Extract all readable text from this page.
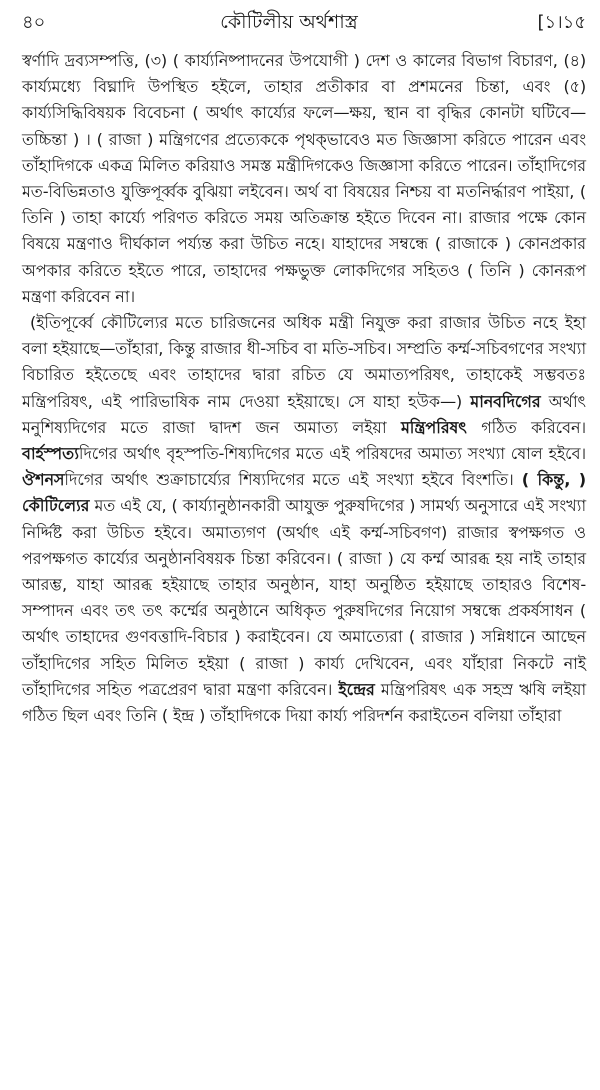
৪০	কৌটিলীয় অর্থশাস্ত্র	[১।১৫

স্বর্ণাদি দ্রব্যসম্পত্তি, (৩) ( কার্য্যনিষ্পাদনের উপযোগী ) দেশ ও কালের বিভাগ বিচারণ, (৪) কার্য্যমধ্যে বিঘ্নাদি উপস্থিত হইলে, তাহার প্রতীকার বা প্রশমনের চিন্তা, এবং (৫) কার্য্যসিদ্ধিবিষয়ক বিবেচনা ( অর্থাৎ কার্য্যের ফলে—ক্ষয়, স্থান বা বৃদ্ধির কোনটা ঘটিবে—তচ্চিন্তা ) । ( রাজা ) মন্ত্রিগণের প্রত্যেককে পৃথক্‌ভাবেও মত জিজ্ঞাসা করিতে পারেন এবং তাঁহাদিগকে একত্র মিলিত করিয়াও সমস্ত মন্ত্রীদিগকেও জিজ্ঞাসা করিতে পারেন। তাঁহাদিগের মত-বিভিন্নতাও যুক্তিপূর্ব্বক বুঝিয়া লইবেন। অর্থ বা বিষয়ের নিশ্চয় বা মতনির্দ্ধারণ পাইয়া, ( তিনি ) তাহা কার্য্যে পরিণত করিতে সময় অতিক্রান্ত হইতে দিবেন না। রাজার পক্ষে কোন বিষয়ে মন্ত্রণাও দীর্ঘকাল পর্য্যন্ত করা উচিত নহে। যাহাদের সম্বন্ধে ( রাজাকে ) কোনপ্রকার অপকার করিতে হইতে পারে, তাহাদের পক্ষভুক্ত লোকদিগের সহিতও ( তিনি ) কোনরূপ মন্ত্রণা করিবেন না।

(ইতিপূর্ব্বে কৌটিল্যের মতে চারিজনের অধিক মন্ত্রী নিযুক্ত করা রাজার উচিত নহে ইহা বলা হইয়াছে—তাঁহারা, কিন্তু রাজার ধী-সচিব বা মতি-সচিব। সম্প্রতি কর্ম্ম-সচিবগণের সংখ্যা বিচারিত হইতেছে এবং তাহাদের দ্বারা রচিত যে অমাত্যপরিষৎ, তাহাকেই সম্ভবতঃ মন্ত্রিপরিষৎ, এই পারিভাষিক নাম দেওয়া হইয়াছে। সে যাহা হউক—) মানবদিগের অর্থাৎ মনুশিষ্যদিগের মতে রাজা দ্বাদশ জন অমাত্য লইয়া মন্ত্রিপরিষৎ গঠিত করিবেন। বার্হস্পত্যদিগের অর্থাৎ বৃহস্পতি-শিষ্যদিগের মতে এই পরিষদের অমাত্য সংখ্যা ষোল হইবে। ঔশনসদিগের অর্থাৎ শুক্রাচার্য্যের শিষ্যদিগের মতে এই সংখ্যা হইবে বিংশতি। ( কিন্তু, ) কৌটিল্যের মত এই যে, ( কার্য্যানুষ্ঠানকারী আযুক্ত পুরুষদিগের ) সামর্থ্য অনুসারে এই সংখ্যা নির্দ্দিষ্ট করা উচিত হইবে। অমাত্যগণ (অর্থাৎ এই কর্ম্ম-সচিবগণ) রাজার স্বপক্ষগত ও পরপক্ষগত কার্য্যের অনুষ্ঠানবিষয়ক চিন্তা করিবেন। ( রাজা ) যে কর্ম্ম আরব্ধ হয় নাই তাহার আরম্ভ, যাহা আরব্ধ হইয়াছে তাহার অনুষ্ঠান, যাহা অনুষ্ঠিত হইয়াছে তাহারও বিশেষ-সম্পাদন এবং তৎ তৎ কর্ম্মের অনুষ্ঠানে অধিকৃত পুরুষদিগের নিয়োগ সম্বন্ধে প্রকর্ষসাধন ( অর্থাৎ তাহাদের গুণবত্তাদি-বিচার ) করাইবেন। যে অমাত্যেরা ( রাজার ) সন্নিধানে আছেন তাঁহাদিগের সহিত মিলিত হইয়া ( রাজা ) কার্য্য দেখিবেন, এবং যাঁহারা নিকটে নাই তাঁহাদিগের সহিত পত্রপ্রেরণ দ্বারা মন্ত্রণা করিবেন। ইন্দ্রের মন্ত্রিপরিষৎ এক সহস্র ঋষি লইয়া গঠিত ছিল এবং তিনি ( ইন্দ্র ) তাঁহাদিগকে দিয়া কার্য্য পরিদর্শন করাইতেন বলিয়া তাঁহারা
